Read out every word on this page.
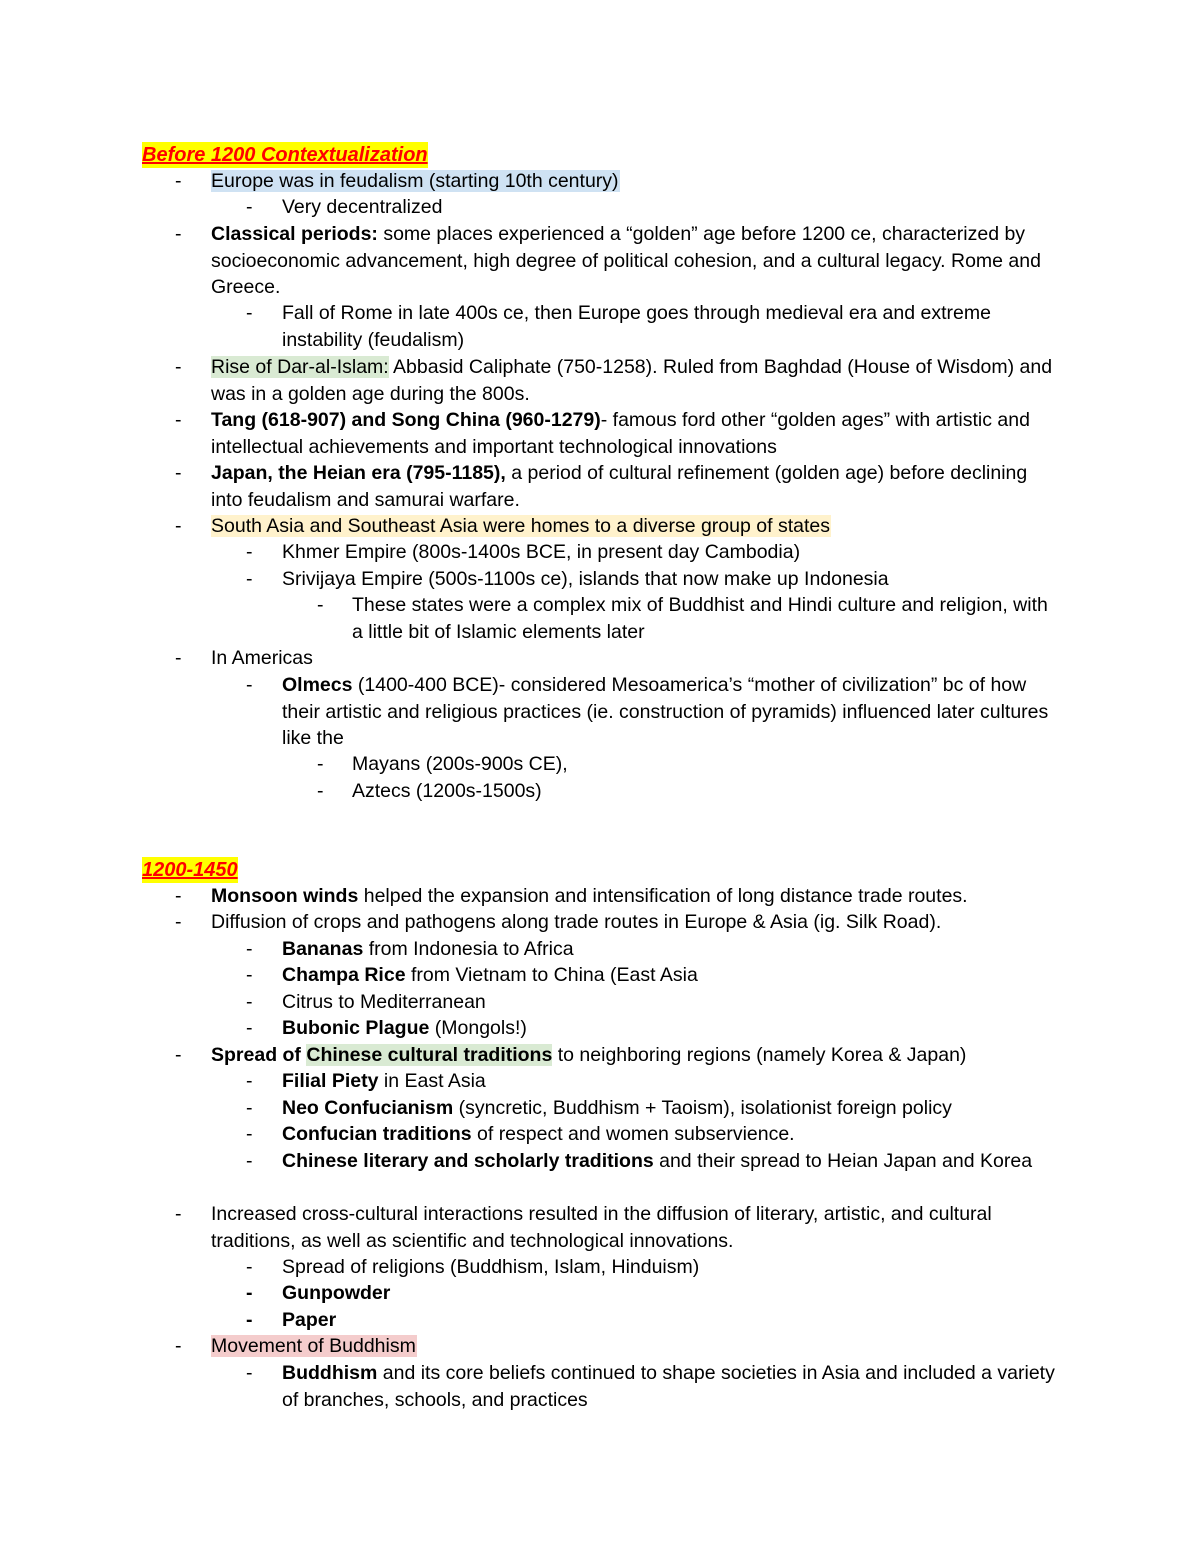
Before 1200 Contextualization
- Europe was in feudalism (starting 10th century)
- Very decentralized
- Classical periods: some places experienced a “golden” age before 1200 ce, characterized by socioeconomic advancement, high degree of political cohesion, and a cultural legacy. Rome and Greece.
- Fall of Rome in late 400s ce, then Europe goes through medieval era and extreme instability (feudalism)
- Rise of Dar-al-Islam: Abbasid Caliphate (750-1258). Ruled from Baghdad (House of Wisdom) and was in a golden age during the 800s.
- Tang (618-907) and Song China (960-1279)- famous ford other “golden ages” with artistic and intellectual achievements and important technological innovations
- Japan, the Heian era (795-1185), a period of cultural refinement (golden age) before declining into feudalism and samurai warfare.
- South Asia and Southeast Asia were homes to a diverse group of states
- Khmer Empire (800s-1400s BCE, in present day Cambodia)
- Srivijaya Empire (500s-1100s ce), islands that now make up Indonesia
- These states were a complex mix of Buddhist and Hindi culture and religion, with a little bit of Islamic elements later
- In Americas
- Olmecs (1400-400 BCE)- considered Mesoamerica’s “mother of civilization” bc of how their artistic and religious practices (ie. construction of pyramids) influenced later cultures like the
- Mayans (200s-900s CE),
- Aztecs (1200s-1500s)
1200-1450
- Monsoon winds helped the expansion and intensification of long distance trade routes.
- Diffusion of crops and pathogens along trade routes in Europe & Asia (ig. Silk Road).
- Bananas from Indonesia to Africa
- Champa Rice from Vietnam to China (East Asia
- Citrus to Mediterranean
- Bubonic Plague (Mongols!)
- Spread of Chinese cultural traditions to neighboring regions (namely Korea & Japan)
- Filial Piety in East Asia
- Neo Confucianism (syncretic, Buddhism + Taoism), isolationist foreign policy
- Confucian traditions of respect and women subservience.
- Chinese literary and scholarly traditions and their spread to Heian Japan and Korea
- Increased cross-cultural interactions resulted in the diffusion of literary, artistic, and cultural traditions, as well as scientific and technological innovations.
- Spread of religions (Buddhism, Islam, Hinduism)
- Gunpowder
- Paper
- Movement of Buddhism
- Buddhism and its core beliefs continued to shape societies in Asia and included a variety of branches, schools, and practices
